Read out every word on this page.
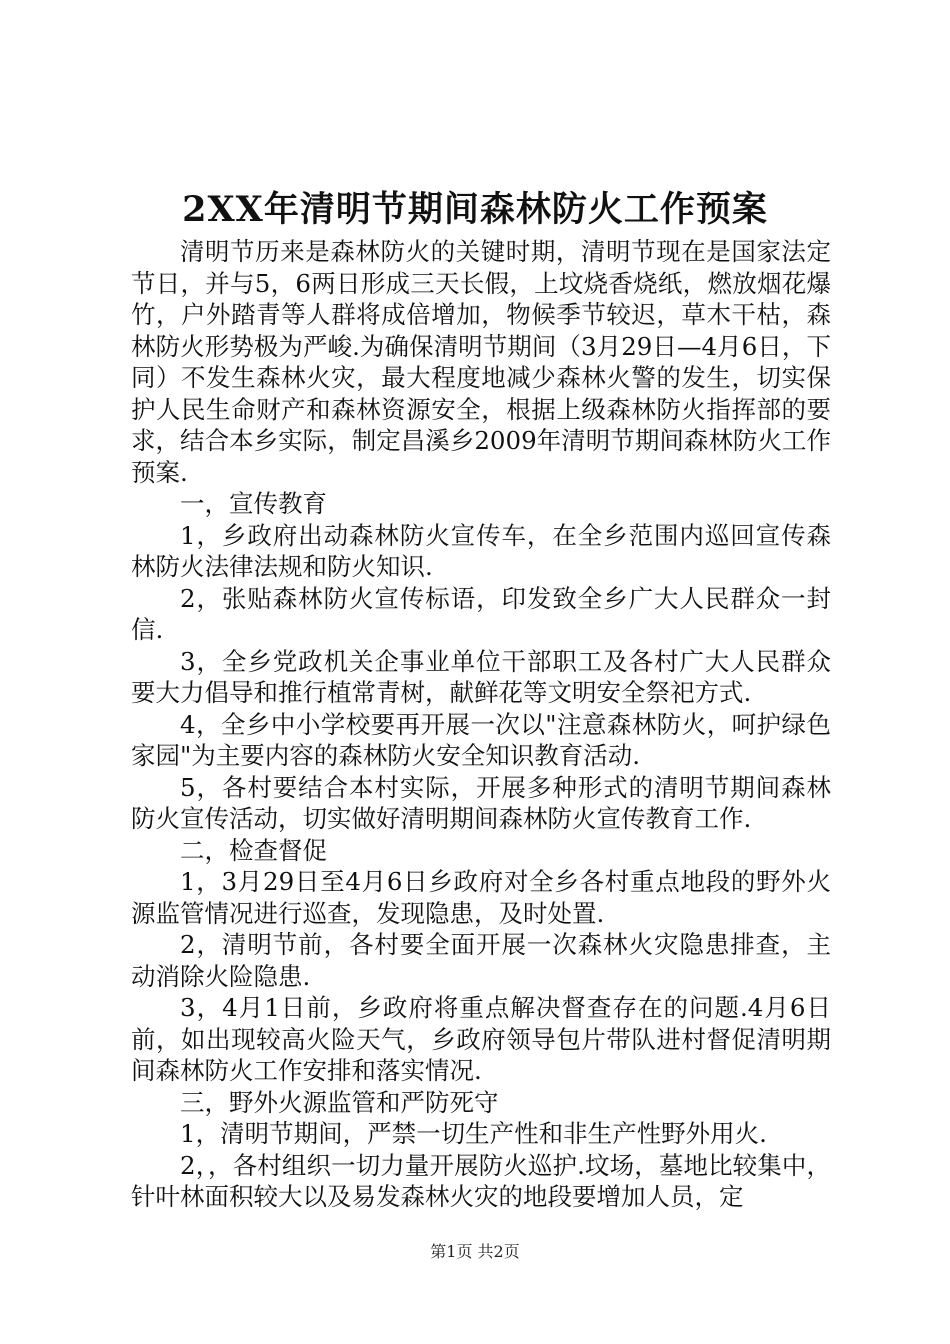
2XX年清明节期间森林防火工作预案

清明节历来是森林防火的关键时期，清明节现在是国家法定节日，并与5，6两日形成三天长假，上坟烧香烧纸，燃放烟花爆竹，户外踏青等人群将成倍增加，物候季节较迟，草木干枯，森林防火形势极为严峻.为确保清明节期间（3月29日—4月6日，下同）不发生森林火灾，最大程度地减少森林火警的发生，切实保护人民生命财产和森林资源安全，根据上级森林防火指挥部的要求，结合本乡实际，制定昌溪乡2009年清明节期间森林防火工作预案.

一，宣传教育

1，乡政府出动森林防火宣传车，在全乡范围内巡回宣传森林防火法律法规和防火知识.

2，张贴森林防火宣传标语，印发致全乡广大人民群众一封信.

3，全乡党政机关企事业单位干部职工及各村广大人民群众要大力倡导和推行植常青树，献鲜花等文明安全祭祀方式.

4，全乡中小学校要再开展一次以"注意森林防火，呵护绿色家园"为主要内容的森林防火安全知识教育活动.

5，各村要结合本村实际，开展多种形式的清明节期间森林防火宣传活动，切实做好清明期间森林防火宣传教育工作.

二，检查督促

1，3月29日至4月6日乡政府对全乡各村重点地段的野外火源监管情况进行巡查，发现隐患，及时处置.

2，清明节前，各村要全面开展一次森林火灾隐患排查，主动消除火险隐患.

3，4月1日前，乡政府将重点解决督查存在的问题.4月6日前，如出现较高火险天气，乡政府领导包片带队进村督促清明期间森林防火工作安排和落实情况.

三，野外火源监管和严防死守

1，清明节期间，严禁一切生产性和非生产性野外用火.

2，，各村组织一切力量开展防火巡护.坟场，墓地比较集中，针叶林面积较大以及易发森林火灾的地段要增加人员，定

第1页 共2页
